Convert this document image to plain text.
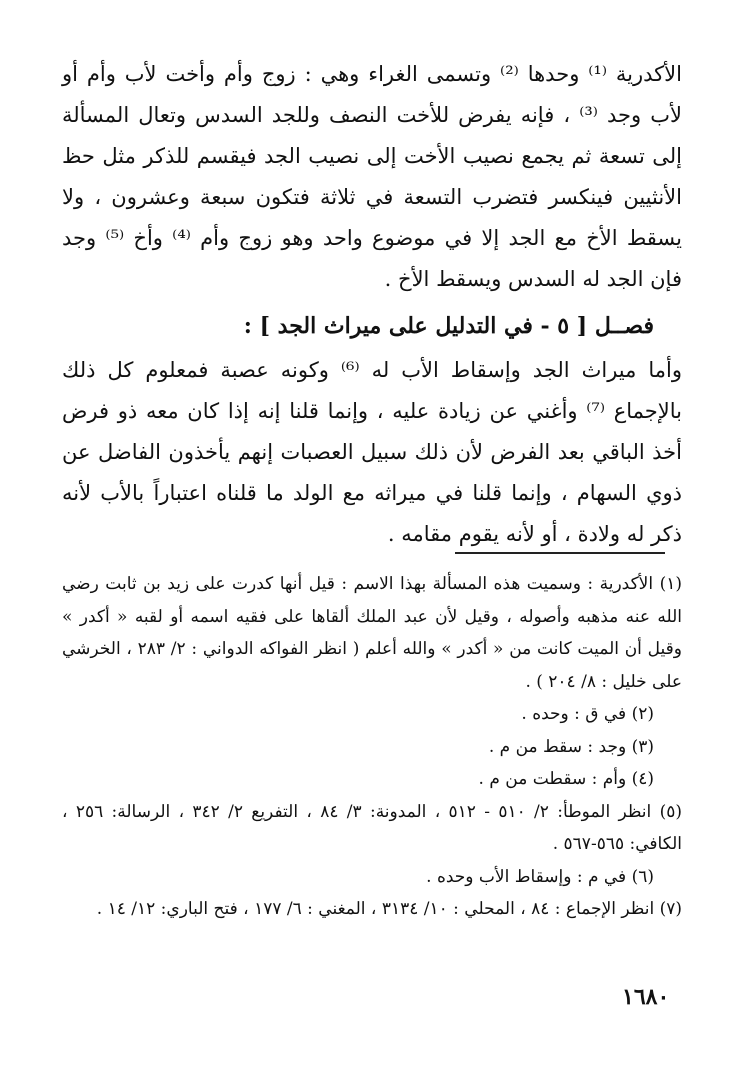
الأكدرية ⁽¹⁾ وحدها ⁽²⁾ وتسمى الغراء وهي : زوج وأم وأخت لأب وأم أو لأب وجد ⁽³⁾ ، فإنه يفرض للأخت النصف وللجد السدس وتعال المسألة إلى تسعة ثم يجمع نصيب الأخت إلى نصيب الجد فيقسم للذكر مثل حظ الأنثيين فينكسر فتضرب التسعة في ثلاثة فتكون سبعة وعشرون ، ولا يسقط الأخ مع الجد إلا في موضوع واحد وهو زوج وأم ⁽⁴⁾ وأخ ⁽⁵⁾ وجد فإن الجد له السدس ويسقط الأخ .

فصــل [ ٥ - في التدليل على ميراث الجد ] :

وأما ميراث الجد وإسقاط الأب له ⁽⁶⁾ وكونه عصبة فمعلوم كل ذلك بالإجماع ⁽⁷⁾ وأغني عن زيادة عليه ، وإنما قلنا إنه إذا كان معه ذو فرض أخذ الباقي بعد الفرض لأن ذلك سبيل العصبات إنهم يأخذون الفاضل عن ذوي السهام ، وإنما قلنا في ميراثه مع الولد ما قلناه اعتباراً بالأب لأنه ذكر له ولادة ، أو لأنه يقوم مقامه .

(١) الأكدرية : وسميت هذه المسألة بهذا الاسم : قيل أنها كدرت على زيد بن ثابت رضي الله عنه مذهبه وأصوله ، وقيل لأن عبد الملك ألقاها على فقيه اسمه أو لقبه « أكدر » وقيل أن الميت كانت من « أكدر » والله أعلم ( انظر الفواكه الدواني : ٢/ ٢٨٣ ، الخرشي على خليل : ٨/ ٢٠٤ ) .

(٢) في ق : وحده .

(٣) وجد : سقط من م .

(٤) وأم : سقطت من م .

(٥) انظر الموطأ: ٢/ ٥١٠ - ٥١٢ ، المدونة: ٣/ ٨٤ ، التفريع ٢/ ٣٤٢ ، الرسالة: ٢٥٦ ، الكافي: ٥٦٥-٥٦٧ .

(٦) في م : وإسقاط الأب وحده .

(٧) انظر الإجماع : ٨٤ ، المحلي : ١٠/ ٣١٣٤ ، المغني : ٦/ ١٧٧ ، فتح الباري: ١٢/ ١٤ .

١٦٨٠
